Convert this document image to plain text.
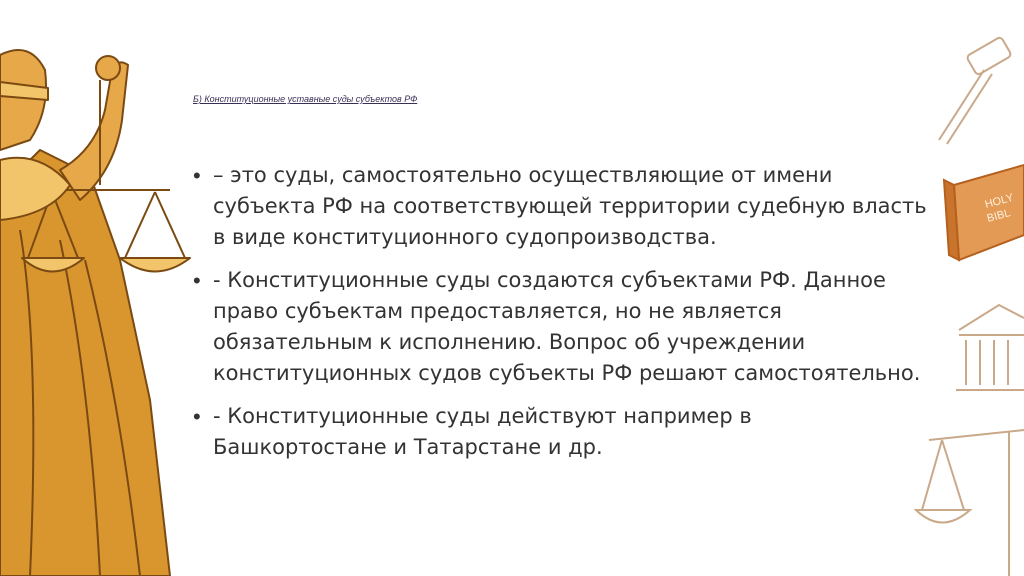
HOLY
BIBL
Б) Конституционные уставные суды субъектов РФ
• – это суды, самостоятельно осуществляющие от имени субъекта РФ на соответствующей территории судебную власть в виде конституционного судопроизводства.
• - Конституционные суды создаются субъектами РФ. Данное право субъектам предоставляется, но не является обязательным к исполнению. Вопрос об учреждении конституционных судов субъекты РФ решают самостоятельно.
• - Конституционные суды действуют например в Башкортостане и Татарстане и др.
